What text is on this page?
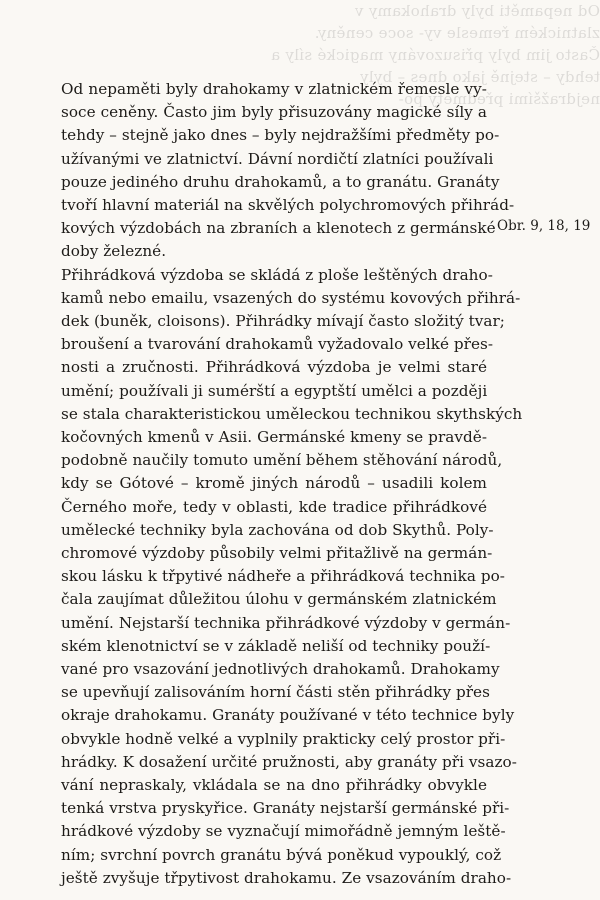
Od nepaměti byly drahokamy v zlatnickém řemesle vy- soce ceněny. Často jim byly přisuzovány magické síly a tehdy – stejně jako dnes – byly nejdražšími předměty po-
Od nepaměti byly drahokamy v zlatnickém řemesle vy-
soce ceněny. Často jim byly přisuzovány magické síly a
tehdy – stejně jako dnes – byly nejdražšími předměty po-
užívanými ve zlatnictví. Dávní nordičtí zlatníci používali
pouze jediného druhu drahokamů, a to granátu. Granáty
tvoří hlavní materiál na skvělých polychromových přihrád-
kových výzdobách na zbraních a klenotech z germánské
doby železné.
Přihrádková výzdoba se skládá z ploše leštěných draho-
kamů nebo emailu, vsazených do systému kovových přihrá-
dek (buněk, cloisons). Přihrádky mívají často složitý tvar;
broušení a tvarování drahokamů vyžadovalo velké přes-
nosti a zručnosti. Přihrádková výzdoba je velmi staré
umění; používali ji sumérští a egyptští umělci a později
se stala charakteristickou uměleckou technikou skythských
kočovných kmenů v Asii. Germánské kmeny se pravdě-
podobně naučily tomuto umění během stěhování národů,
kdy se Gótové – kromě jiných národů – usadili kolem
Černého moře, tedy v oblasti, kde tradice přihrádkové
umělecké techniky byla zachována od dob Skythů. Poly-
chromové výzdoby působily velmi přitažlivě na germán-
skou lásku k třpytivé nádheře a přihrádková technika po-
čala zaujímat důležitou úlohu v germánském zlatnickém
umění. Nejstarší technika přihrádkové výzdoby v germán-
ském klenotnictví se v základě neliší od techniky použí-
vané pro vsazování jednotlivých drahokamů. Drahokamy
se upevňují zalisováním horní části stěn přihrádky přes
okraje drahokamu. Granáty používané v této technice byly
obvykle hodně velké a vyplnily prakticky celý prostor při-
hrádky. K dosažení určité pružnosti, aby granáty při vsazo-
vání nepraskaly, vkládala se na dno přihrádky obvykle
tenká vrstva pryskyřice. Granáty nejstarší germánské při-
Obr. 9, 18, 19
hrádkové výzdoby se vyznačují mimořádně jemným leště-
ním; svrchní povrch granátu bývá poněkud vypouklý, což
ještě zvyšuje třpytivost drahokamu. Ze vsazováním draho-
